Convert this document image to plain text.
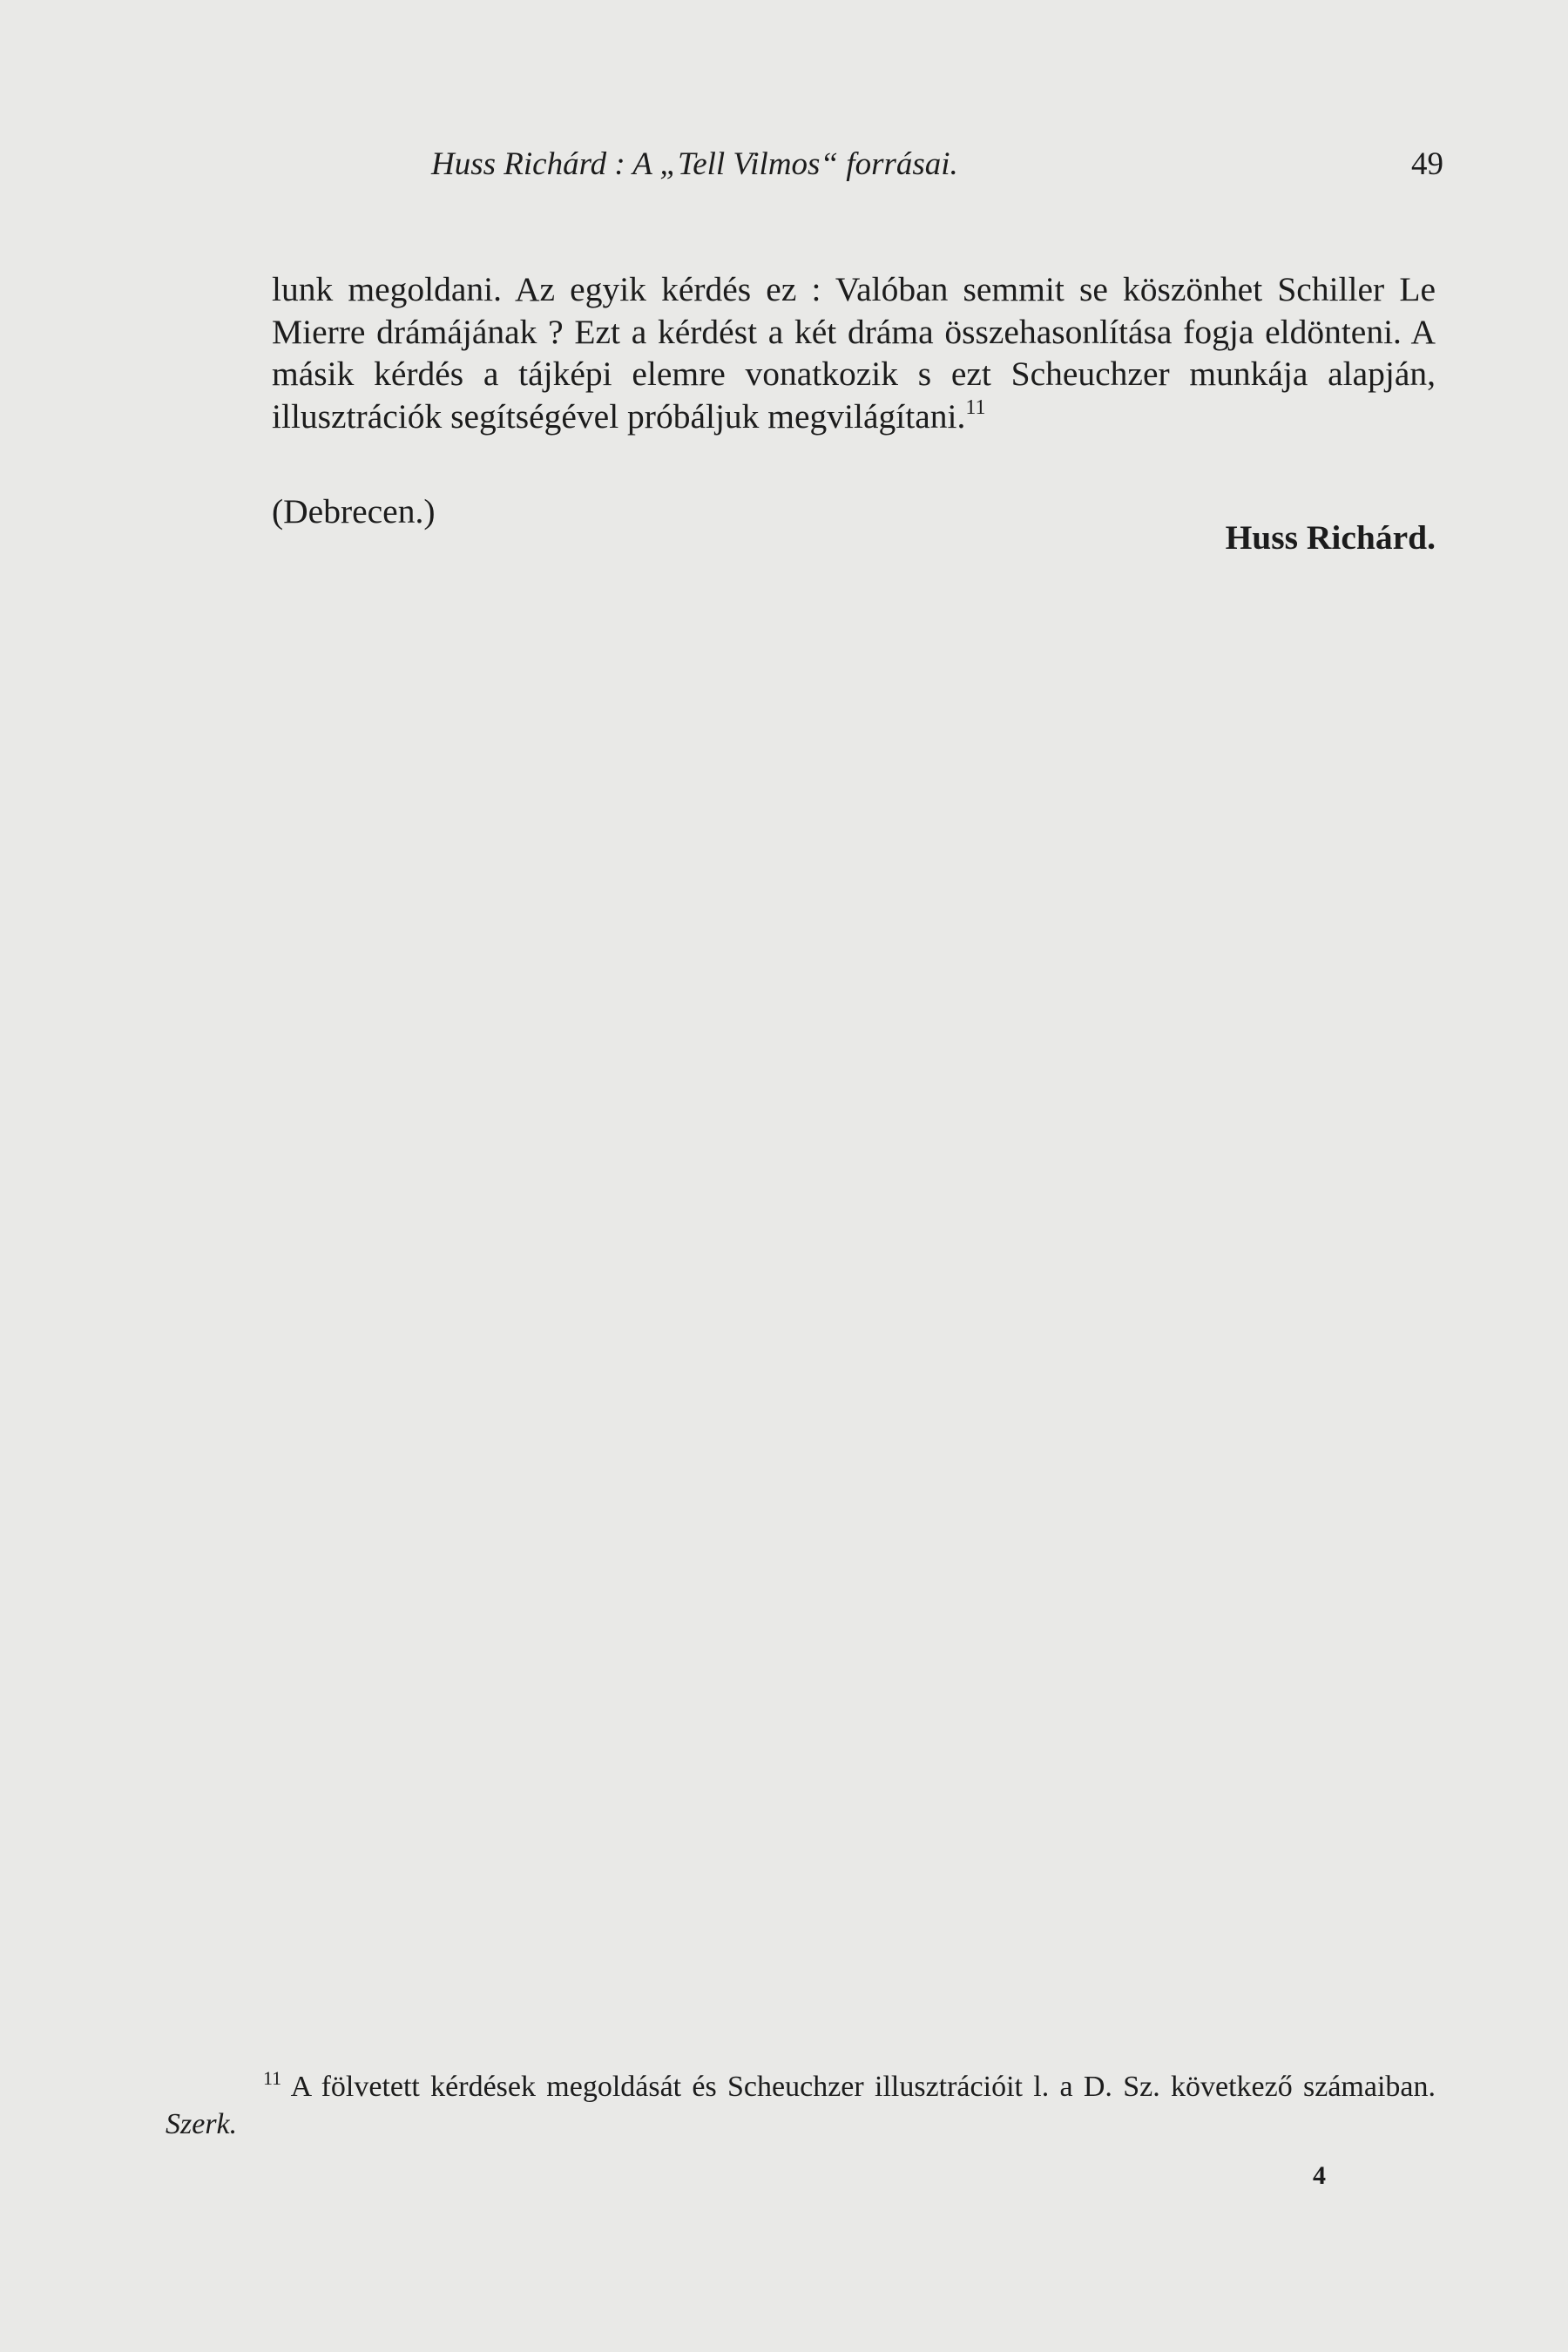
Huss Richárd : A „Tell Vilmos“ forrásai.	49

lunk megoldani. Az egyik kérdés ez : Valóban semmit se köszönhet Schiller Le Mierre drámájának ? Ezt a kérdést a két dráma összehasonlítása fogja eldönteni. A másik kérdés a tájképi elemre vonatkozik s ezt Scheuchzer munkája alapján, illusztrációk segítségével próbáljuk megvilágítani.$^{11}$

(Debrecen.)
Huss Richárd.

$^{11}$ A fölvetett kérdések megoldását és Scheuchzer illusztrációit l. a D. Sz. következő számaiban. Szerk.

4
